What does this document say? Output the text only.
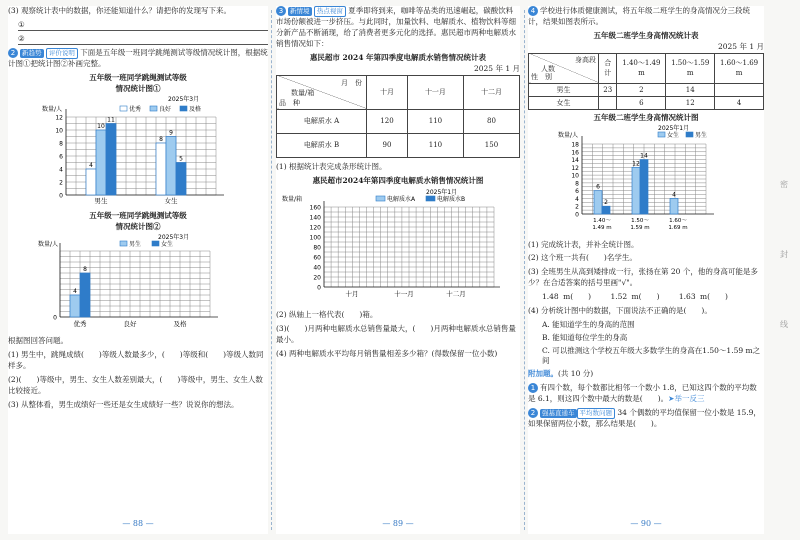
(3) 观察统计表中的数据，你还能知道什么？请把你的发现写下来。

①

②

2 新趋势 评价说明 下面是五年级一班同学跳绳测试等级情况统计图，根据统计图①把统计图②补画完整。

五年级一班同学跳绳测试等级
情况统计图①
2025年3月
数量/人	优秀	良好	及格
0
2
4
6
8
10
12
4
10
11
男生
8
9
5
女生
五年级一班同学跳绳测试等级
情况统计图②
2025年3月
数量/人	男生	女生
0
4
8
优秀	良好	及格

根据图回答问题。

(1) 男生中，跳绳成绩(　　)等级人数最多少，(　　)等级和(　　)等级人数同样多。

(2)(　　)等级中，男生、女生人数差别最大，(　　)等级中，男生、女生人数比较接近。

(3) 从整体看，男生成绩好一些还是女生成绩好一些？说说你的想法。

— 88 —

3 新情境 热点视窗 夏季即将到来，咖啡等品类的迅速崛起，碳酸饮料市场份额被进一步挤压。与此同时，加量饮料、电解质水、植物饮料等细分新产品不断涌现，给了消费者更多元化的选择。惠民超市两种电解质水销售情况如下：

惠民超市 2024 年第四季度电解质水销售情况统计表
2025 年 1 月
月　份
数量/箱
品　种	十月	十一月	十二月
电解质水 A	120	110	80
电解质水 B	90	110	150

(1) 根据统计表完成条形统计图。

惠民超市2024年第四季度电解质水销售情况统计图
2025年1月
数量/箱	电解质水A	电解质水B
0
20
40
60
80
100
120
140
160
十月	十一月	十二月

(2) 纵轴上一格代表(　　)箱。

(3)(　　)月两种电解质水总销售量最大，(　　)月两种电解质水总销售量最小。

(4) 两种电解质水平均每月销售量相差多少箱？(得数保留一位小数)

— 89 —

4 学校进行体质健康测试，将五年级二班学生的身高情况分三段统计，结果如图表所示。

五年级二班学生身高情况统计表
2025 年 1 月
身高段
人数
性　别	合计	1.40～1.49 m	1.50～1.59 m	1.60～1.69 m
男生	23	2	14	
女生		6	12	4
五年级二班学生身高情况统计图
2025年1月
数量/人	女生	男生
0
2
4
6
8
10
12
14
16
18
6
2
1.40～
1.49 m
12
14
1.50～
1.59 m
4
1.60～
1.69 m

(1) 完成统计表，并补全统计图。

(2) 这个班一共有(　　)名学生。

(3) 全班男生从高到矮排成一行，张扬在第 20 个，他的身高可能是多少？在合适答案的括号里画"√"。

1.48 m(　　)　　	1.52 m(　　)　　	1.63 m(　　)

(4) 分析统计图中的数据，下面说法不正确的是(　　)。

A. 能知道学生的身高的范围
B. 能知道每位学生的身高
C. 可以推测这个学校五年级大多数学生的身高在1.50～1.59 m之间

附加题。(共 10 分)

1 有四个数，每个数都比相邻一个数小 1.8，已知这四个数的平均数是 6.1，则这四个数中最大的数是(　　)。➤举一反三

2 强基直通车 平均数问题 34 个偶数的平均值保留一位小数是 15.9，如果保留两位小数，那么结果是(　　)。

— 90 —
密
封
线
